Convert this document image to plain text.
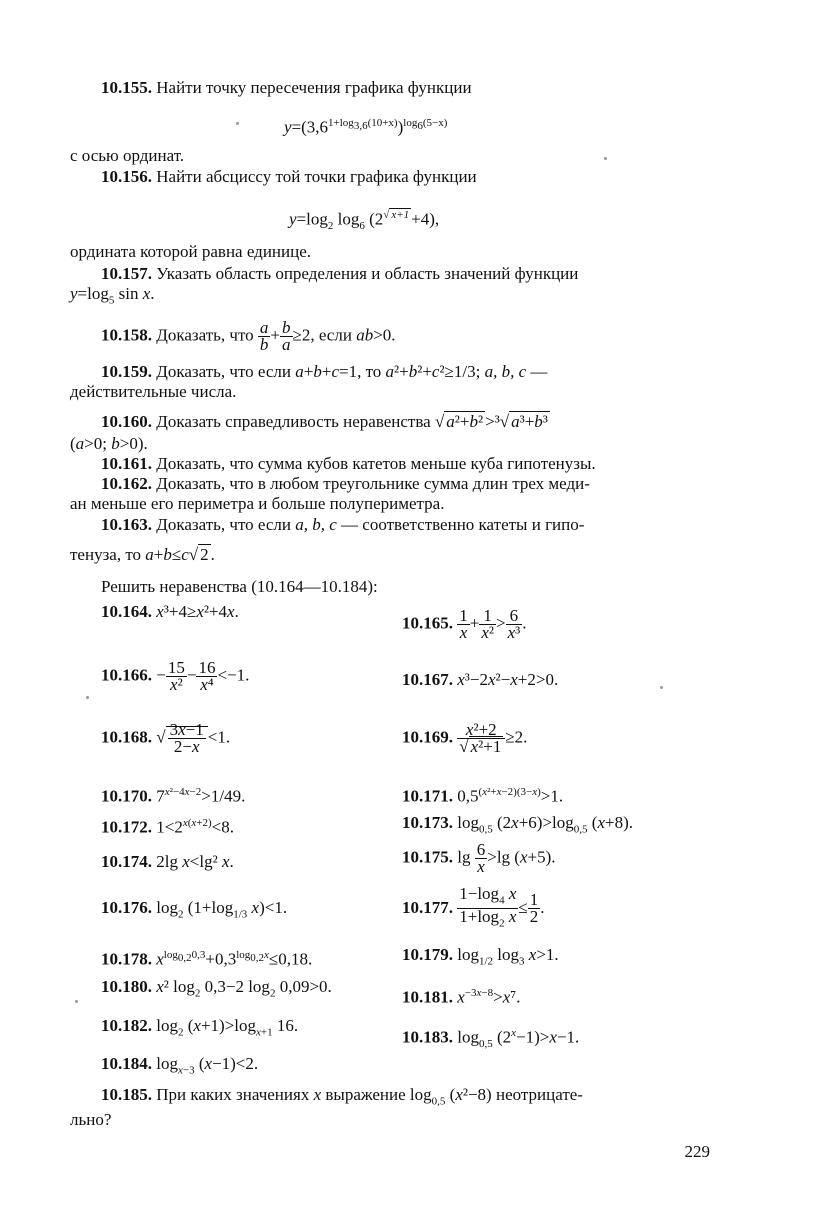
10.155. Найти точку пересечения графика функции
$y=(3,6^{1+log_{3,6}(10+x)})^{log_6(5-x)}$
с осью ординат.
10.156. Найти абсциссу той точки графика функции
$y=\log_2$ $\log_6 (2^{√ x+1} +4)$,
ордината которой равна единице.
10.157. Указать область определения и область значений функции
$y=\log_5$ sin x.
10.158. Доказать, что $\frac{a}{b} + \frac{b}{a} \ge 2$, если ab>0.
10.159. Доказать, что если a+b+c=1, то a²+b²+c²≥1/3; a, b, c —
действительные числа.
10.160. Доказать справедливость неравенства √ a²+b² >³√ a³+b³
(a>0; b>0).
10.161. Доказать, что сумма кубов катетов меньше куба гипотенузы.
10.162. Доказать, что в любом треугольнике сумма длин трех меди-
ан меньше его периметра и больше полупериметра.
10.163. Доказать, что если a, b, c — соответственно катеты и гипо-
тенуза, то a+b≤c√ 2 .
Решить неравенства (10.164—10.184):
10.164. x³+4≥x²+4x.
10.165. $\frac{1}{x} + \frac{1}{\text{x²}} > \frac{6}{\text{x³}}$ .
10.166. − $\frac{15}{\text{x²}} - \frac{16}{\text{x⁴}} <-1$.	10.167. x³−2x²−x+2>0.
10.168. √ $\frac{3x-1}{2-x} <1$.	10.169. $\frac{\text{x²+2}}{\text{√ x²+1}} \ge 2$.
10.170. $7^{x^2-4x-2}>1/49$.	10.171. $0,5^{(x^2+x-2)(3-x)}>1$.
10.172. $1<2^{x(x+2)}<8$.	10.173. $\log_{0,5} (2x+6)>\log_{0,5}$ (x+8).
10.174. 2lg x<lg² x.	10.175. $\lg \frac{6}{x} >\lg$ (x+5).
10.176. $\log_2 (1+\log_{1/3}$ x)<1.	10.177. $\frac{1-\log_4 x}{1+\log_2 x} \le \frac{1}{2}$ .
10.178. $x^{log_{0,2}0,3}+0,3^{log_{0,2}x}\le 0,18$.	10.179. $\log_{1/2} \log_3 x>1$.
10.180. x² $\log_2 0,3-2$ $\log_2 0,09>0$.
10.181. $x^{-3x-8}>x^7$.
10.182. $\log_2 (x+1)>\log_{x+1}$ 16.
10.183. $\log_{0,5} (2^x-1)>x-1$.
10.184. $\log_{x-3} (x-1)<2$.
10.185. При каких значениях x выражение $\log_{0,5} (x^2-8)$ неотрицате-
льно?
229
